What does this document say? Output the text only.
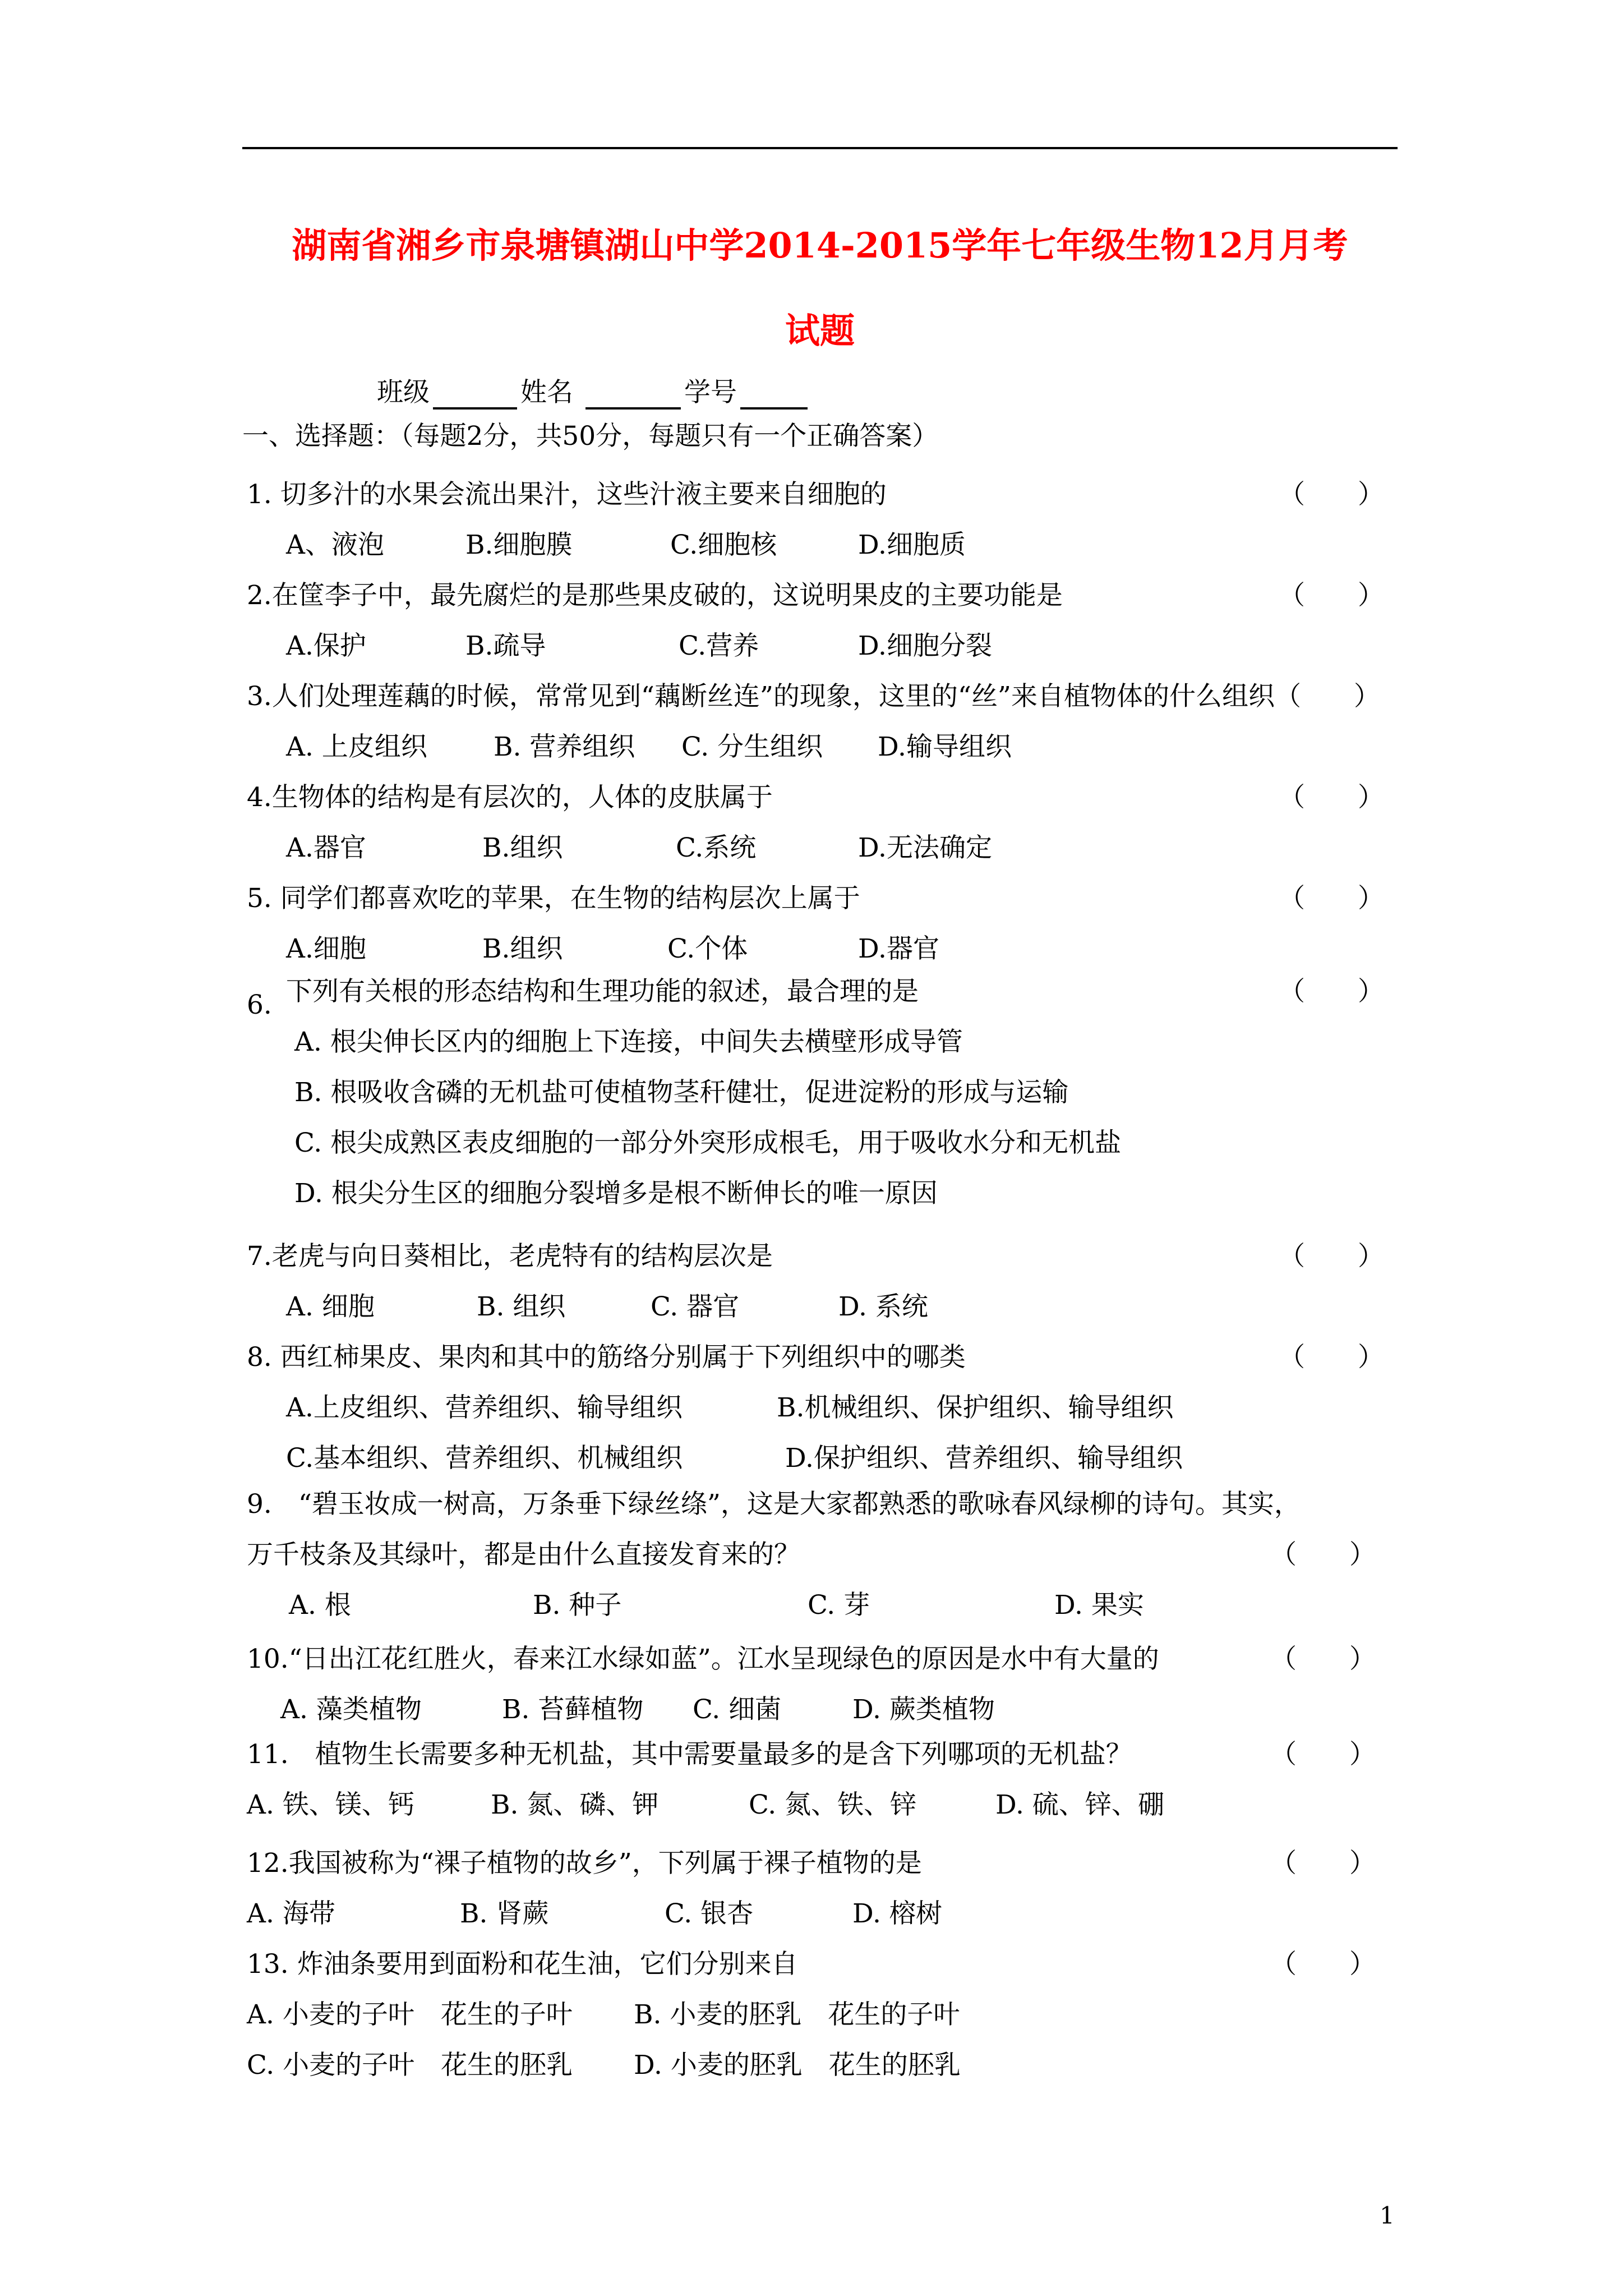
湖南省湘乡市泉塘镇湖山中学2014-2015学年七年级生物12月月考
试题
班级	姓名	学号
一、选择题：（每题2分，共50分，每题只有一个正确答案）
1. 切多汁的水果会流出果汁，这些汁液主要来自细胞的	（　　）
A、液泡	B.细胞膜	C.细胞核	D.细胞质
2.在筐李子中，最先腐烂的是那些果皮破的，这说明果皮的主要功能是	（　　）
A.保护	B.疏导	C.营养	D.细胞分裂
3.人们处理莲藕的时候，常常见到“藕断丝连”的现象，这里的“丝”来自植物体的什么组织（　　）
A. 上皮组织	B. 营养组织 C. 分生组织 D.输导组织
4.生物体的结构是有层次的，人体的皮肤属于	（　　）
A.器官	B.组织	C.系统	D.无法确定
5. 同学们都喜欢吃的苹果，在生物的结构层次上属于	（　　）
A.细胞	B.组织	C.个体	D.器官
6. 下列有关根的形态结构和生理功能的叙述，最合理的是	（　　）
A. 根尖伸长区内的细胞上下连接，中间失去横壁形成导管
B. 根吸收含磷的无机盐可使植物茎秆健壮，促进淀粉的形成与运输
C. 根尖成熟区表皮细胞的一部分外突形成根毛，用于吸收水分和无机盐
D. 根尖分生区的细胞分裂增多是根不断伸长的唯一原因
7.老虎与向日葵相比，老虎特有的结构层次是	（　　）
A. 细胞	B. 组织	C. 器官	D. 系统
8. 西红柿果皮、果肉和其中的筋络分别属于下列组织中的哪类	（　　）
A.上皮组织、营养组织、输导组织	B.机械组织、保护组织、输导组织
C.基本组织、营养组织、机械组织	D.保护组织、营养组织、输导组织
9.　“碧玉妆成一树高，万条垂下绿丝绦”，这是大家都熟悉的歌咏春风绿柳的诗句。其实，
万千枝条及其绿叶，都是由什么直接发育来的？	（　　）
A. 根	B. 种子	C. 芽	D. 果实
10.“日出江花红胜火，春来江水绿如蓝”。江水呈现绿色的原因是水中有大量的	（　　）
A. 藻类植物	B. 苔藓植物 C. 细菌	D. 蕨类植物
11.　植物生长需要多种无机盐，其中需要量最多的是含下列哪项的无机盐？	（　　）
A. 铁、镁、钙	B. 氮、磷、钾	C. 氮、铁、锌	D. 硫、锌、硼
12.我国被称为“裸子植物的故乡”，下列属于裸子植物的是	（　　）
A. 海带	B. 肾蕨	C. 银杏	D. 榕树
13. 炸油条要用到面粉和花生油，它们分别来自	（　　）
A. 小麦的子叶　花生的子叶 B. 小麦的胚乳　花生的子叶
C. 小麦的子叶　花生的胚乳 D. 小麦的胚乳　花生的胚乳
1
